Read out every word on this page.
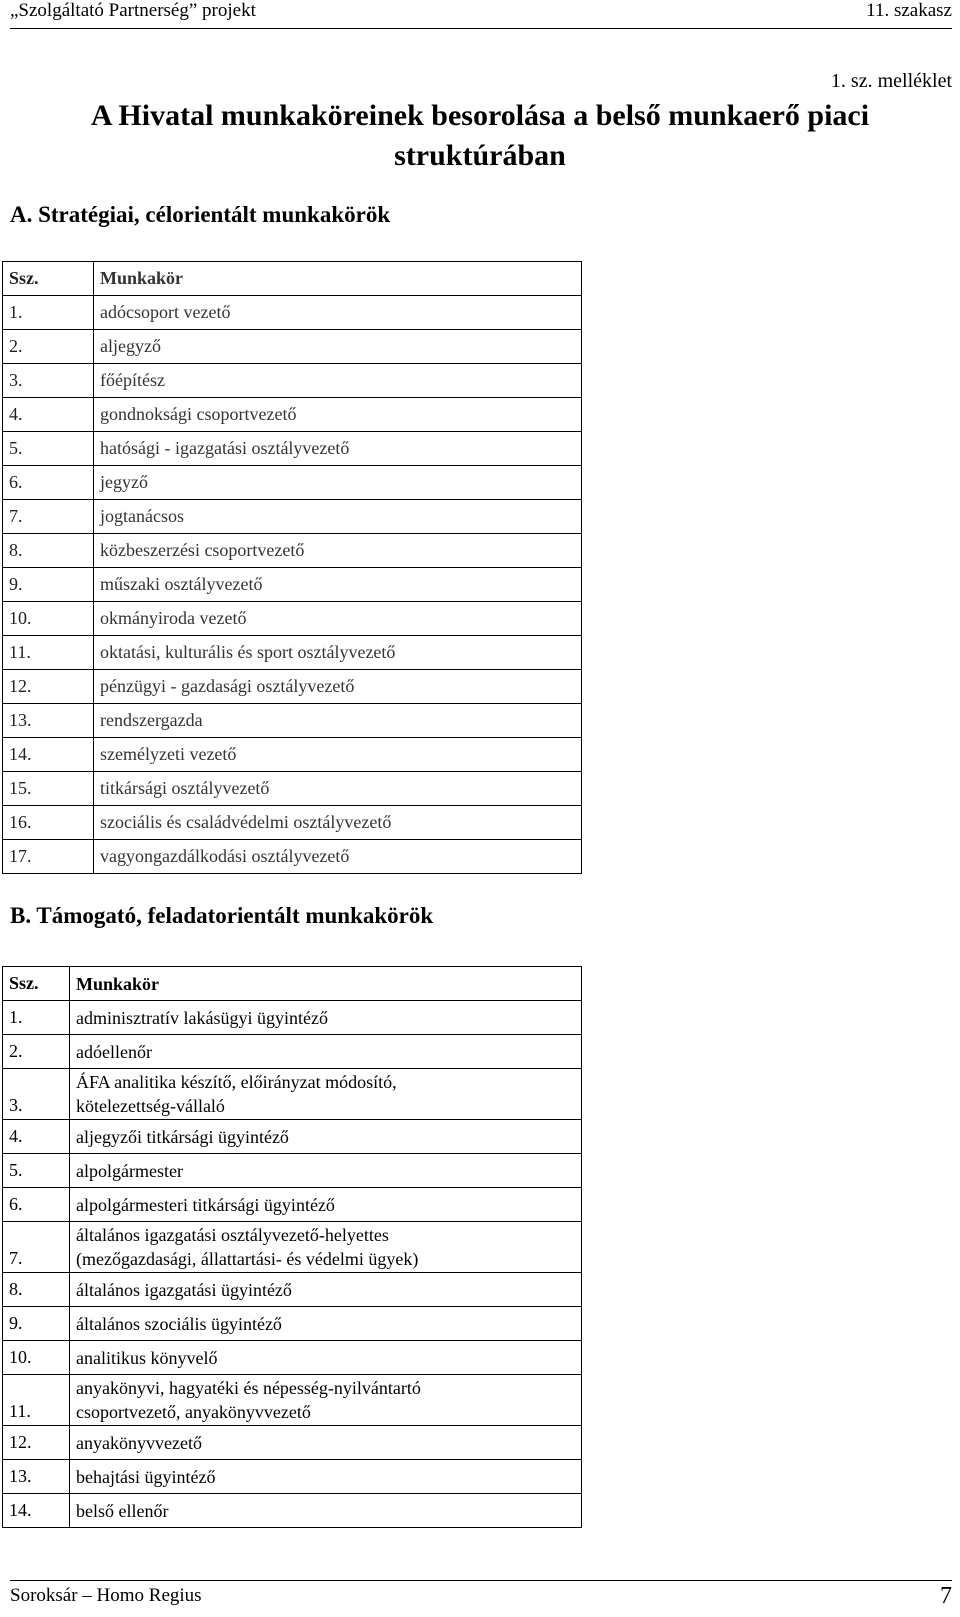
„Szolgáltató Partnerség” projekt	11. szakasz
1. sz. melléklet
A Hivatal munkaköreinek besorolása a belső munkaerő piaci
struktúrában
A. Stratégiai, célorientált munkakörök
Ssz.	Munkakör
1.	adócsoport vezető
2.	aljegyző
3.	főépítész
4.	gondnoksági csoportvezető
5.	hatósági - igazgatási osztályvezető
6.	jegyző
7.	jogtanácsos
8.	közbeszerzési csoportvezető
9.	műszaki osztályvezető
10.	okmányiroda vezető
11.	oktatási, kulturális és sport osztályvezető
12.	pénzügyi - gazdasági osztályvezető
13.	rendszergazda
14.	személyzeti vezető
15.	titkársági osztályvezető
16.	szociális és családvédelmi osztályvezető
17.	vagyongazdálkodási osztályvezető
B. Támogató, feladatorientált munkakörök
Ssz.	Munkakör
1.	adminisztratív lakásügyi ügyintéző
2.	adóellenőr
3.	ÁFA analitika készítő, előirányzat módosító,
kötelezettség-vállaló

4.	aljegyzői titkársági ügyintéző
5.	alpolgármester
6.	alpolgármesteri titkársági ügyintéző
7.	általános igazgatási osztályvezető-helyettes
(mezőgazdasági, állattartási- és védelmi ügyek)

8.	általános igazgatási ügyintéző
9.	általános szociális ügyintéző
10.	analitikus könyvelő
11.	anyakönyvi, hagyatéki és népesség-nyilvántartó
csoportvezető, anyakönyvvezető

12.	anyakönyvvezető
13.	behajtási ügyintéző
14.	belső ellenőr
Soroksár – Homo Regius	7
